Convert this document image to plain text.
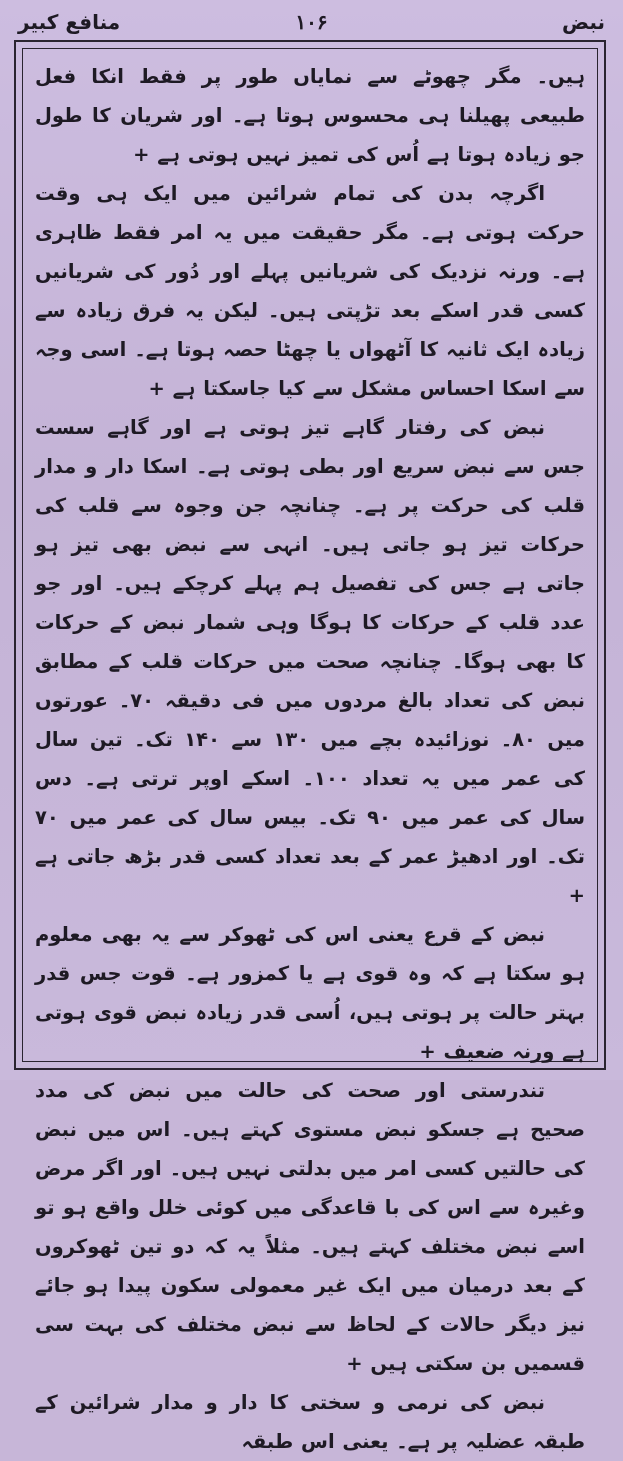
نبض
۱۰۶
منافع کبیر

ہیں۔ مگر چھوٹے سے نمایاں طور پر فقط انکا فعل طبیعی پھیلنا ہی محسوس ہوتا ہے۔ اور شریان کا طول جو زیادہ ہوتا ہے اُس کی تمیز نہیں ہوتی ہے +

اگرچہ بدن کی تمام شرائین میں ایک ہی وقت حرکت ہوتی ہے۔ مگر حقیقت میں یہ امر فقط ظاہری ہے۔ ورنہ نزدیک کی شریانیں پہلے اور دُور کی شریانیں کسی قدر اسکے بعد تڑپتی ہیں۔ لیکن یہ فرق زیادہ سے زیادہ ایک ثانیہ کا آٹھواں یا چھٹا حصہ ہوتا ہے۔ اسی وجہ سے اسکا احساس مشکل سے کیا جاسکتا ہے +

نبض کی رفتار گاہے تیز ہوتی ہے اور گاہے سست جس سے نبض سریع اور بطی ہوتی ہے۔ اسکا دار و مدار قلب کی حرکت پر ہے۔ چنانچہ جن وجوہ سے قلب کی حرکات تیز ہو جاتی ہیں۔ انہی سے نبض بھی تیز ہو جاتی ہے جس کی تفصیل ہم پہلے کرچکے ہیں۔ اور جو عدد قلب کے حرکات کا ہوگا وہی شمار نبض کے حرکات کا بھی ہوگا۔ چنانچہ صحت میں حرکات قلب کے مطابق نبض کی تعداد بالغ مردوں میں فی دقیقہ ۷۰۔ عورتوں میں ۸۰۔ نوزائیدہ بچے میں ۱۳۰ سے ۱۴۰ تک۔ تین سال کی عمر میں یہ تعداد ۱۰۰۔ اسکے اوپر ترتی ہے۔ دس سال کی عمر میں ۹۰ تک۔ بیس سال کی عمر میں ۷۰ تک۔ اور ادھیڑ عمر کے بعد تعداد کسی قدر بڑھ جاتی ہے +

نبض کے قرع یعنی اس کی ٹھوکر سے یہ بھی معلوم ہو سکتا ہے کہ وہ قوی ہے یا کمزور ہے۔ قوت جس قدر بہتر حالت پر ہوتی ہیں، اُسی قدر زیادہ نبض قوی ہوتی ہے ورنہ ضعیف +

تندرستی اور صحت کی حالت میں نبض کی مدد صحیح ہے جسکو نبض مستوی کہتے ہیں۔ اس میں نبض کی حالتیں کسی امر میں بدلتی نہیں ہیں۔ اور اگر مرض وغیرہ سے اس کی با قاعدگی میں کوئی خلل واقع ہو تو اسے نبض مختلف کہتے ہیں۔ مثلاً یہ کہ دو تین ٹھوکروں کے بعد درمیان میں ایک غیر معمولی سکون پیدا ہو جائے نیز دیگر حالات کے لحاظ سے نبض مختلف کی بہت سی قسمیں بن سکتی ہیں +

نبض کی نرمی و سختی کا دار و مدار شرائین کے طبقہ عضلیہ پر ہے۔ یعنی اس طبقہ
